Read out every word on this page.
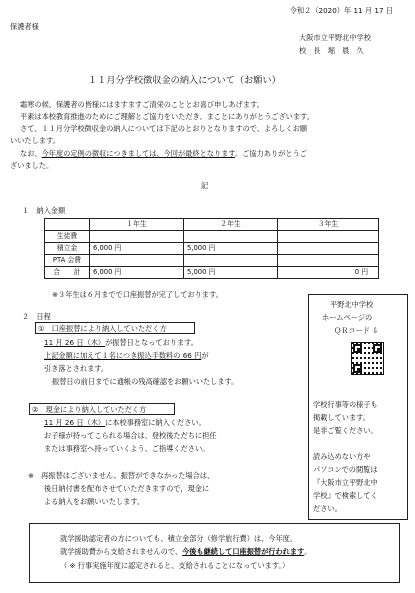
令和２（2020）年 11 月 17 日
保護者様
大阪市立平野北中学校
校　長　堀　晨　久
１１月分学校徴収金の納入について（お願い）
霜寒の候、保護者の皆様にはますますご清栄のこととお喜び申しあげます。
平素は本校教育推進のためにご理解とご協力をいただき、まことにありがとうございます。
さて、１１月分学校徴収金の納入については下記のとおりとなりますので、よろしくお願
いいたします。
なお、今年度の定例の徴収につきましては、今回が最終となります。ご協力ありがとうご
ざいました。
記
１　納入金額
	１年生	２年生	３年生
生徒費			
積立金	6,000 円	5,000 円	
PTA 会費			
合　　計	6,000 円	5,000 円	0 円
※３年生は６月までで口座振替が完了しております。
２　日程
①　口座振替により納入していただく方
11 月 26 日（木）が振替日となっております。
上記金額に加えて１名につき振込手数料の 66 円が
引き落とされます。
振替日の前日までに通帳の残高確認をお願いいたします。
②　現金により納入していただく方
11 月 26 日（木）に本校事務室に納入ください。
お子様が持ってこられる場合は、登校後ただちに担任
または事務室へ持っていくよう、ご指導ください。
※　再振替はございません。振替ができなかった場合は、
後日納付書を配布させていただきますので，現金に
よる納入をお願いいたします。
平野北中学校
ホームページの
ＱＲコード ⇩
学校行事等の様子も
掲載しています。
是非ご覧ください。
読み込めない方や
パソコンでの閲覧は
『大阪市立平野北中
学校』で検索してく
ださい。
就学援助認定者の方についても、積立金部分（修学旅行費）は、今年度、
就学援助費から支給されませんので、今後も継続して口座振替が行われます。
（ ※ 行事実施年度に認定されると、支給されることになっています。）
